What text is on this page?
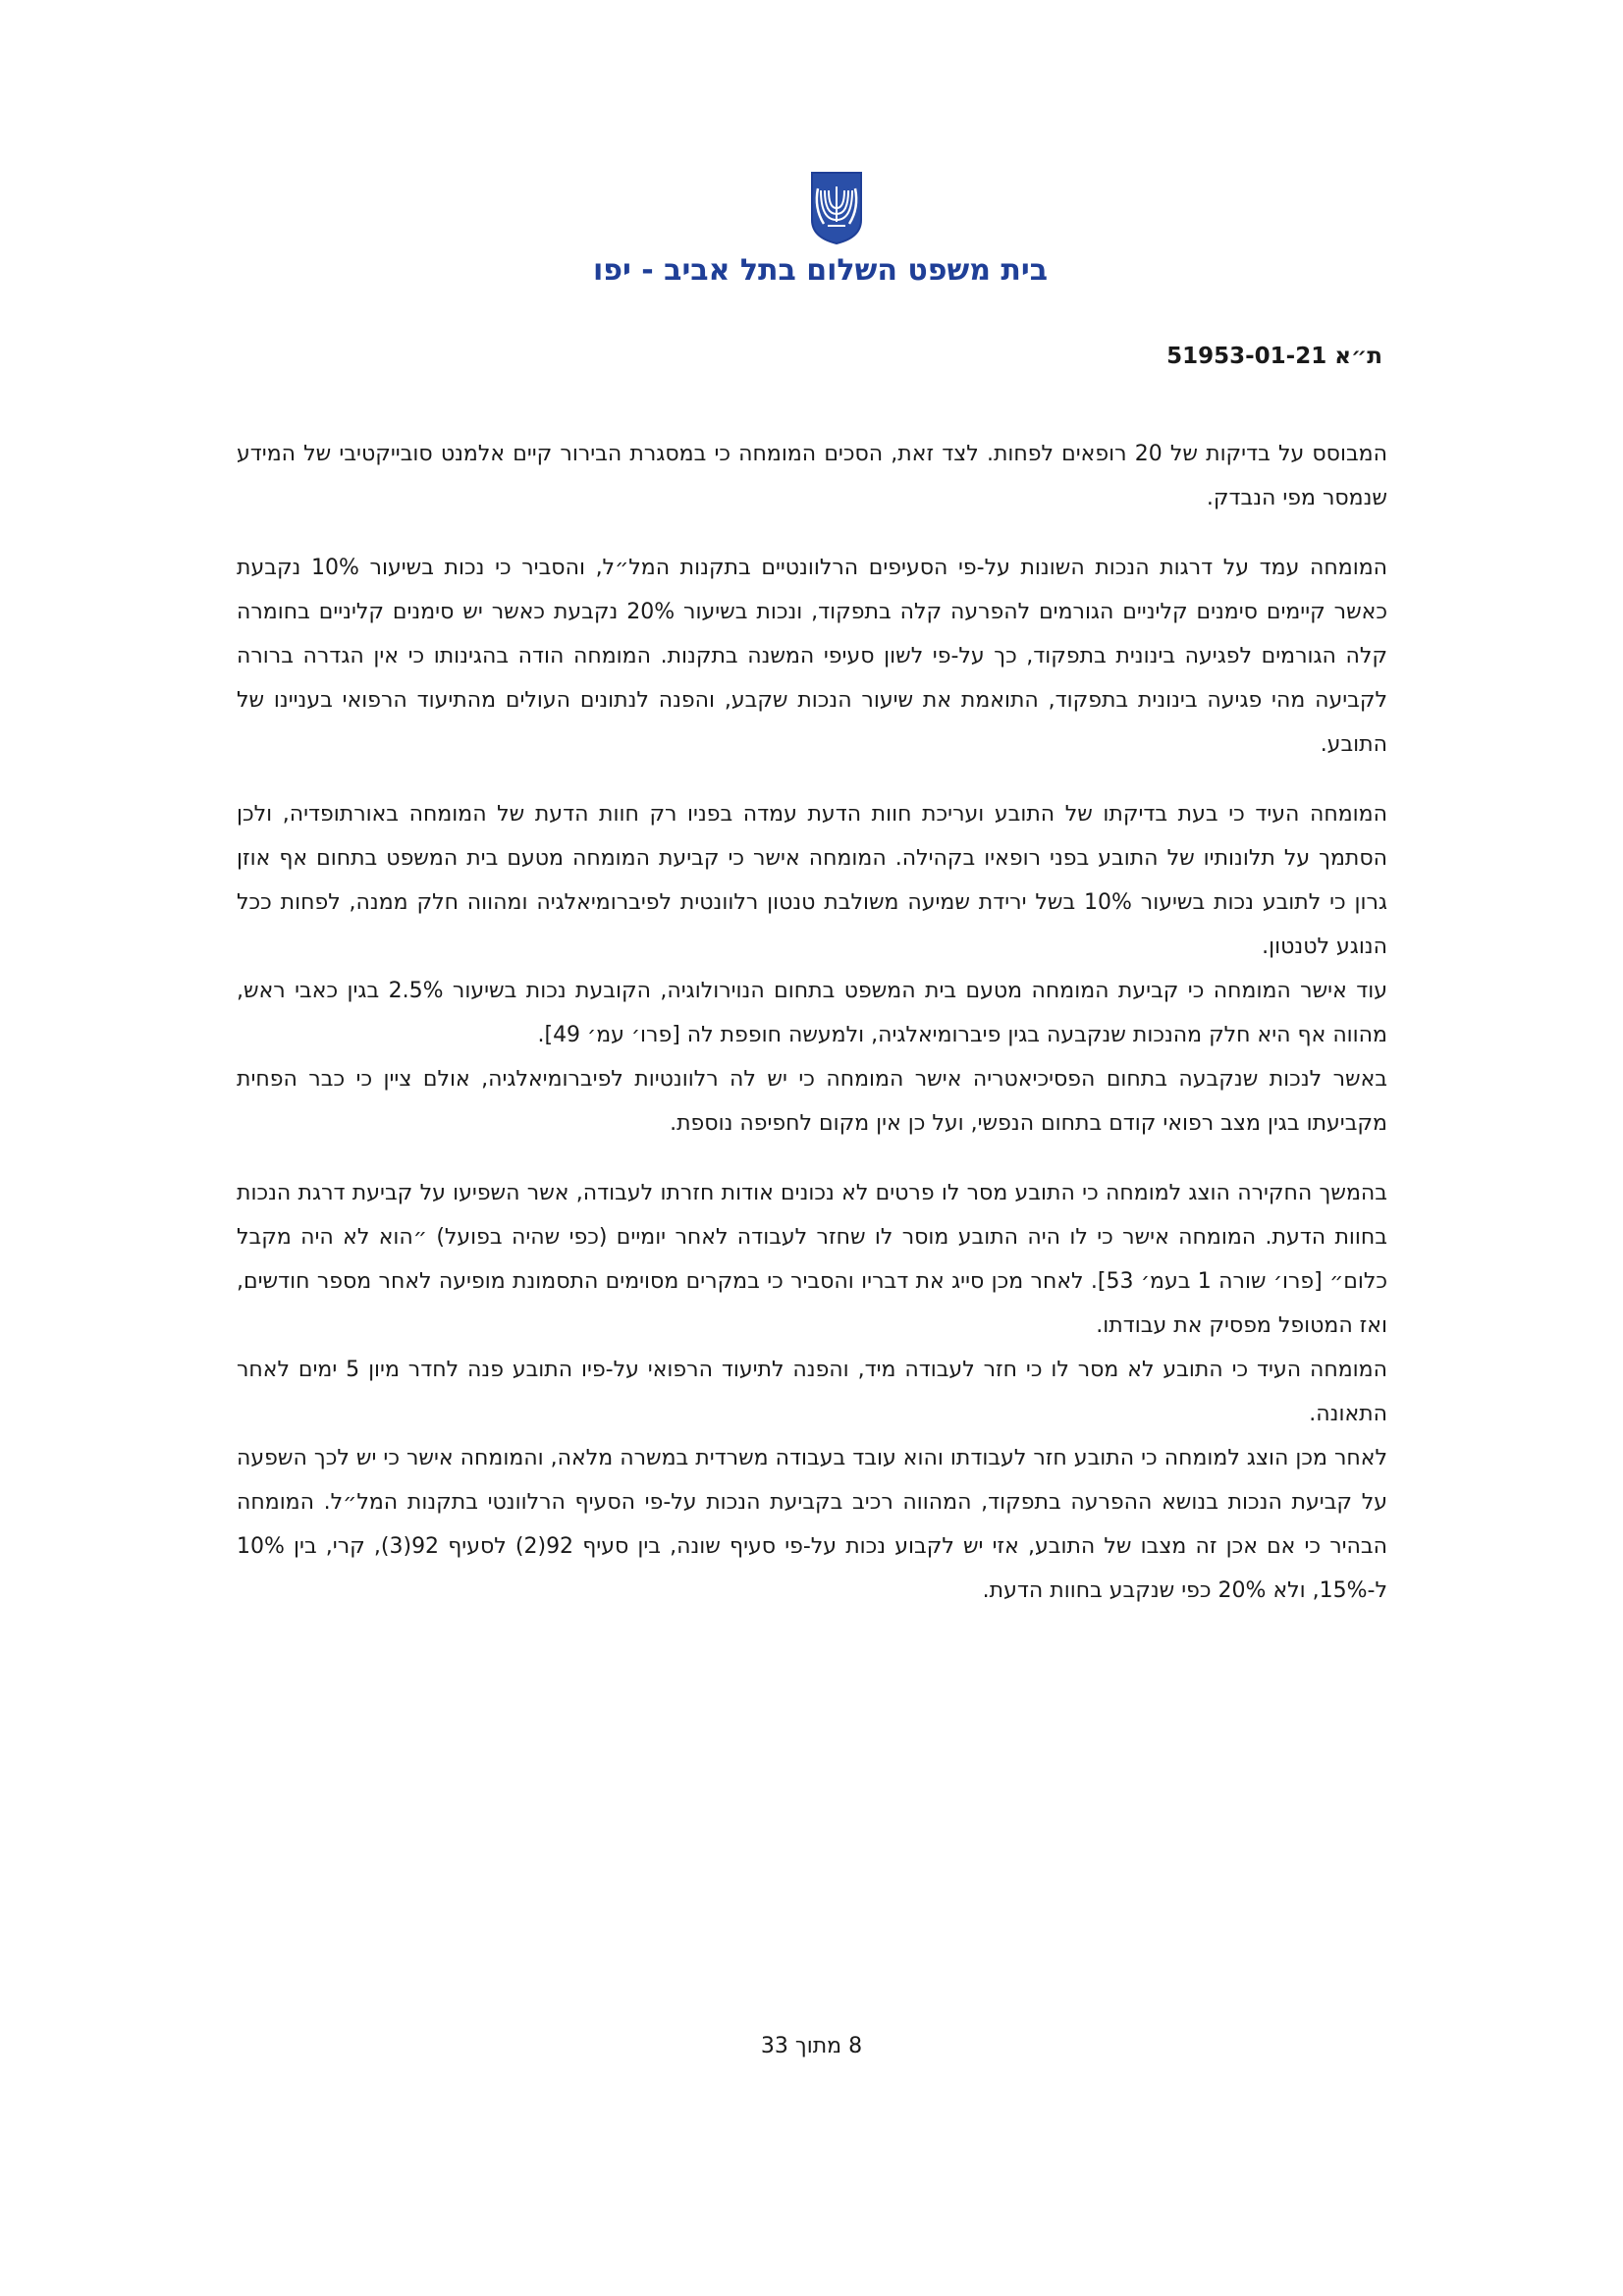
בית משפט השלום בתל אביב - יפו
ת״א 51953-01-21

המבוסס על בדיקות של 20 רופאים לפחות. לצד זאת, הסכים המומחה כי במסגרת הבירור קיים אלמנט סובייקטיבי של המידע שנמסר מפי הנבדק.

המומחה עמד על דרגות הנכות השונות על-פי הסעיפים הרלוונטיים בתקנות המל״ל, והסביר כי נכות בשיעור 10% נקבעת כאשר קיימים סימנים קליניים הגורמים להפרעה קלה בתפקוד, ונכות בשיעור 20% נקבעת כאשר יש סימנים קליניים בחומרה קלה הגורמים לפגיעה בינונית בתפקוד, כך על-פי לשון סעיפי המשנה בתקנות. המומחה הודה בהגינותו כי אין הגדרה ברורה לקביעה מהי פגיעה בינונית בתפקוד, התואמת את שיעור הנכות שקבע, והפנה לנתונים העולים מהתיעוד הרפואי בעניינו של התובע.

המומחה העיד כי בעת בדיקתו של התובע ועריכת חוות הדעת עמדה בפניו רק חוות הדעת של המומחה באורתופדיה, ולכן הסתמך על תלונותיו של התובע בפני רופאיו בקהילה. המומחה אישר כי קביעת המומחה מטעם בית המשפט בתחום אף אוזן גרון כי לתובע נכות בשיעור 10% בשל ירידת שמיעה משולבת טנטון רלוונטית לפיברומיאלגיה ומהווה חלק ממנה, לפחות ככל הנוגע לטנטון.

עוד אישר המומחה כי קביעת המומחה מטעם בית המשפט בתחום הנוירולוגיה, הקובעת נכות בשיעור 2.5% בגין כאבי ראש, מהווה אף היא חלק מהנכות שנקבעה בגין פיברומיאלגיה, ולמעשה חופפת לה [פרו׳ עמ׳ 49].

באשר לנכות שנקבעה בתחום הפסיכיאטריה אישר המומחה כי יש לה רלוונטיות לפיברומיאלגיה, אולם ציין כי כבר הפחית מקביעתו בגין מצב רפואי קודם בתחום הנפשי, ועל כן אין מקום לחפיפה נוספת.

בהמשך החקירה הוצג למומחה כי התובע מסר לו פרטים לא נכונים אודות חזרתו לעבודה, אשר השפיעו על קביעת דרגת הנכות בחוות הדעת. המומחה אישר כי לו היה התובע מוסר לו שחזר לעבודה לאחר יומיים (כפי שהיה בפועל) ״הוא לא היה מקבל כלום״ [פרו׳ שורה 1 בעמ׳ 53]. לאחר מכן סייג את דבריו והסביר כי במקרים מסוימים התסמונת מופיעה לאחר מספר חודשים, ואז המטופל מפסיק את עבודתו.

המומחה העיד כי התובע לא מסר לו כי חזר לעבודה מיד, והפנה לתיעוד הרפואי על-פיו התובע פנה לחדר מיון 5 ימים לאחר התאונה.

לאחר מכן הוצג למומחה כי התובע חזר לעבודתו והוא עובד בעבודה משרדית במשרה מלאה, והמומחה אישר כי יש לכך השפעה על קביעת הנכות בנושא ההפרעה בתפקוד, המהווה רכיב בקביעת הנכות על-פי הסעיף הרלוונטי בתקנות המל״ל. המומחה הבהיר כי אם אכן זה מצבו של התובע, אזי יש לקבוע נכות על-פי סעיף שונה, בין סעיף 92(2) לסעיף 92(3), קרי, בין 10% ל-15%, ולא 20% כפי שנקבע בחוות הדעת.

8 מתוך 33
